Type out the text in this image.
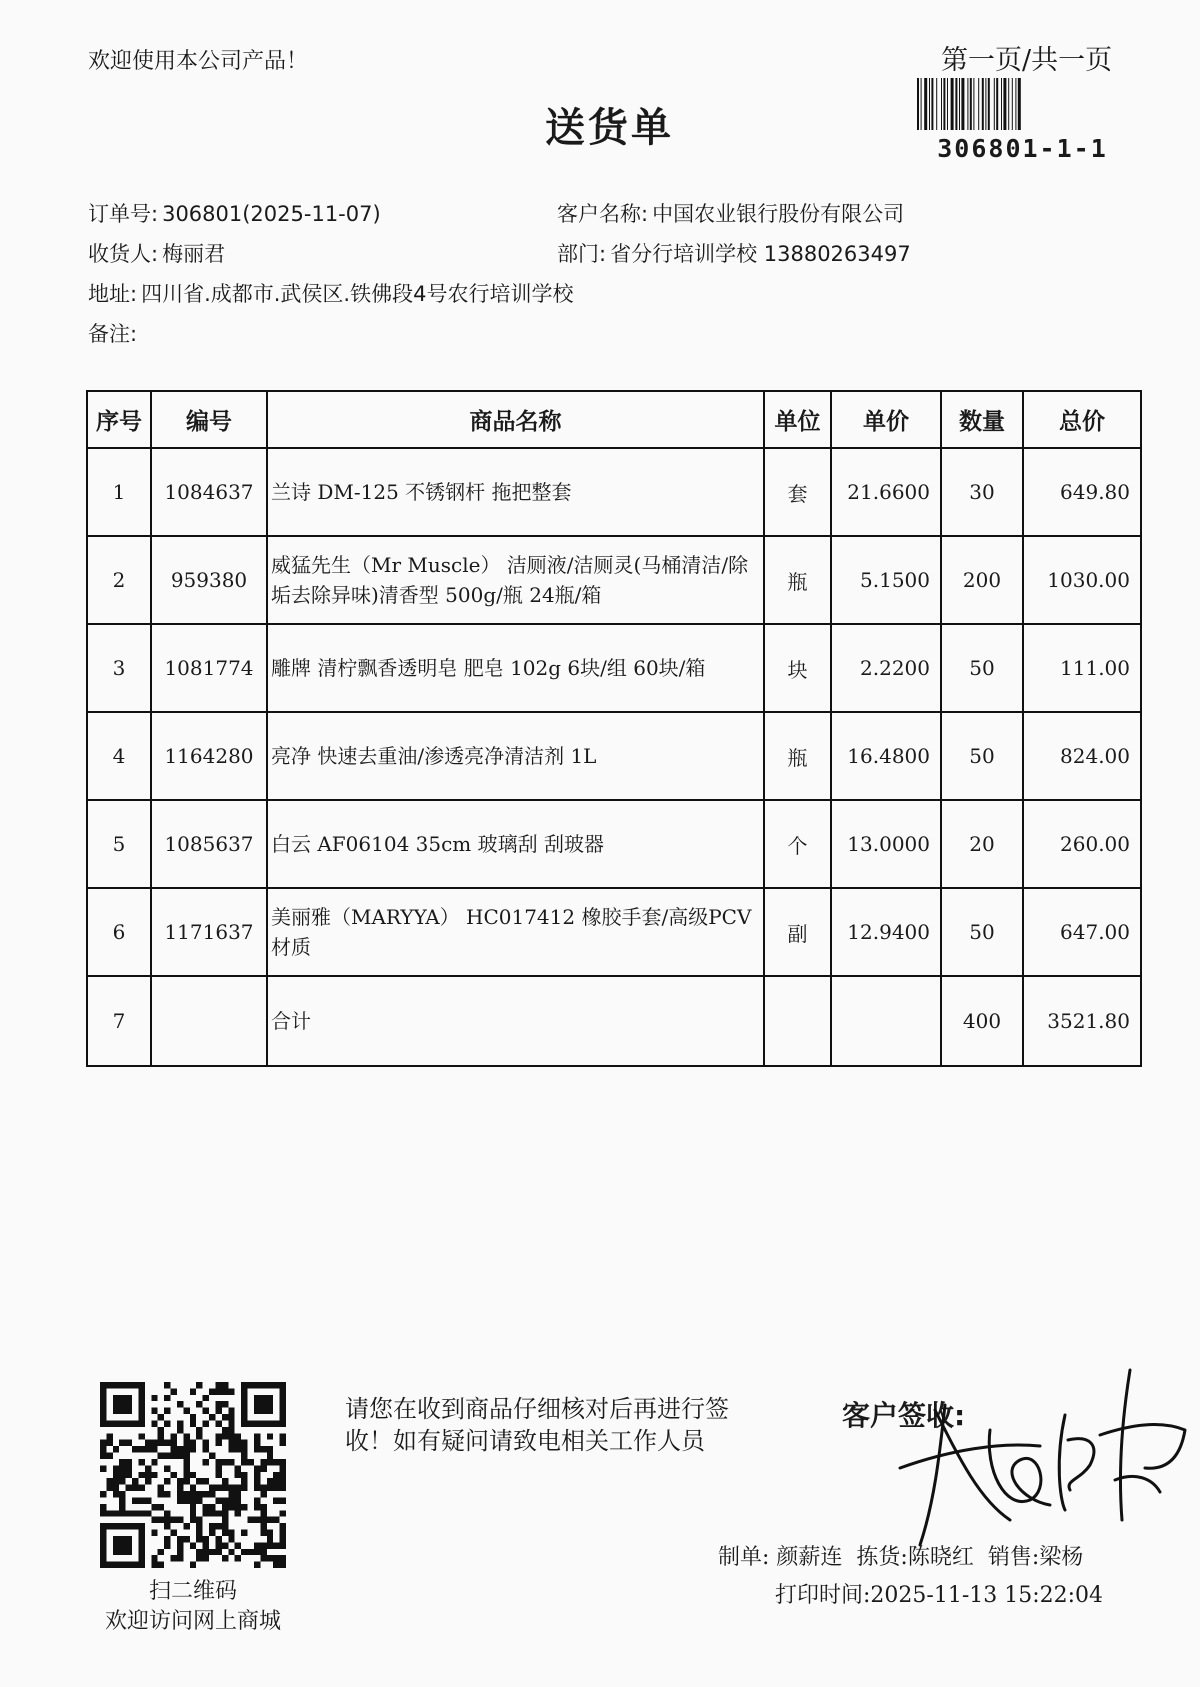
欢迎使用本公司产品！	第一页/共一页
306801-1-1
送货单
订单号: 306801(2025-11-07)	客户名称: 中国农业银行股份有限公司
收货人: 梅丽君	部门: 省分行培训学校 13880263497
地址: 四川省.成都市.武侯区.铁佛段4号农行培训学校
备注:
序号	编号	商品名称	单位	单价	数量	总价
1	1084637	兰诗 DM-125 不锈钢杆 拖把整套	套	21.6600	30	649.80
2	959380	威猛先生（Mr Muscle） 洁厕液/洁厕灵(马桶清洁/除垢去除异味)清香型 500g/瓶 24瓶/箱	瓶	5.1500	200	1030.00
3	1081774	雕牌 清柠飘香透明皂 肥皂 102g 6块/组 60块/箱	块	2.2200	50	111.00
4	1164280	亮净 快速去重油/渗透亮净清洁剂 1L	瓶	16.4800	50	824.00
5	1085637	白云 AF06104 35cm 玻璃刮 刮玻器	个	13.0000	20	260.00
6	1171637	美丽雅（MARYYA） HC017412 橡胶手套/高级PCV材质	副	12.9400	50	647.00
7		合计			400	3521.80
扫二维码
欢迎访问网上商城
请您在收到商品仔细核对后再进行签收！如有疑问请致电相关工作人员
客户签收:
制单: 颜薪连 拣货:陈晓红 销售:梁杨
打印时间:2025-11-13 15:22:04
